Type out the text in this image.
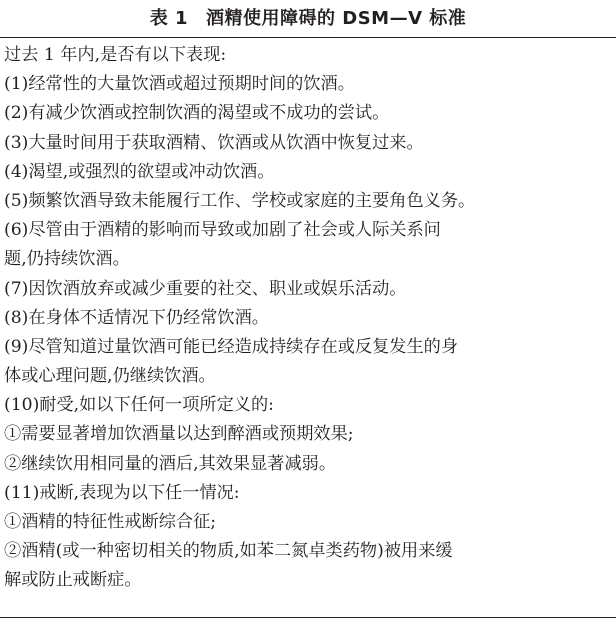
表 1 酒精使用障碍的 DSM—V 标准
过去 1 年内,是否有以下表现:
(1)经常性的大量饮酒或超过预期时间的饮酒。
(2)有减少饮酒或控制饮酒的渴望或不成功的尝试。
(3)大量时间用于获取酒精、饮酒或从饮酒中恢复过来。
(4)渴望,或强烈的欲望或冲动饮酒。
(5)频繁饮酒导致未能履行工作、学校或家庭的主要角色义务。
(6)尽管由于酒精的影响而导致或加剧了社会或人际关系问
题,仍持续饮酒。
(7)因饮酒放弃或减少重要的社交、职业或娱乐活动。
(8)在身体不适情况下仍经常饮酒。
(9)尽管知道过量饮酒可能已经造成持续存在或反复发生的身
体或心理问题,仍继续饮酒。
(10)耐受,如以下任何一项所定义的:
①需要显著增加饮酒量以达到醉酒或预期效果;
②继续饮用相同量的酒后,其效果显著减弱。
(11)戒断,表现为以下任一情况:
①酒精的特征性戒断综合征;
②酒精(或一种密切相关的物质,如苯二氮卓类药物)被用来缓
解或防止戒断症。
